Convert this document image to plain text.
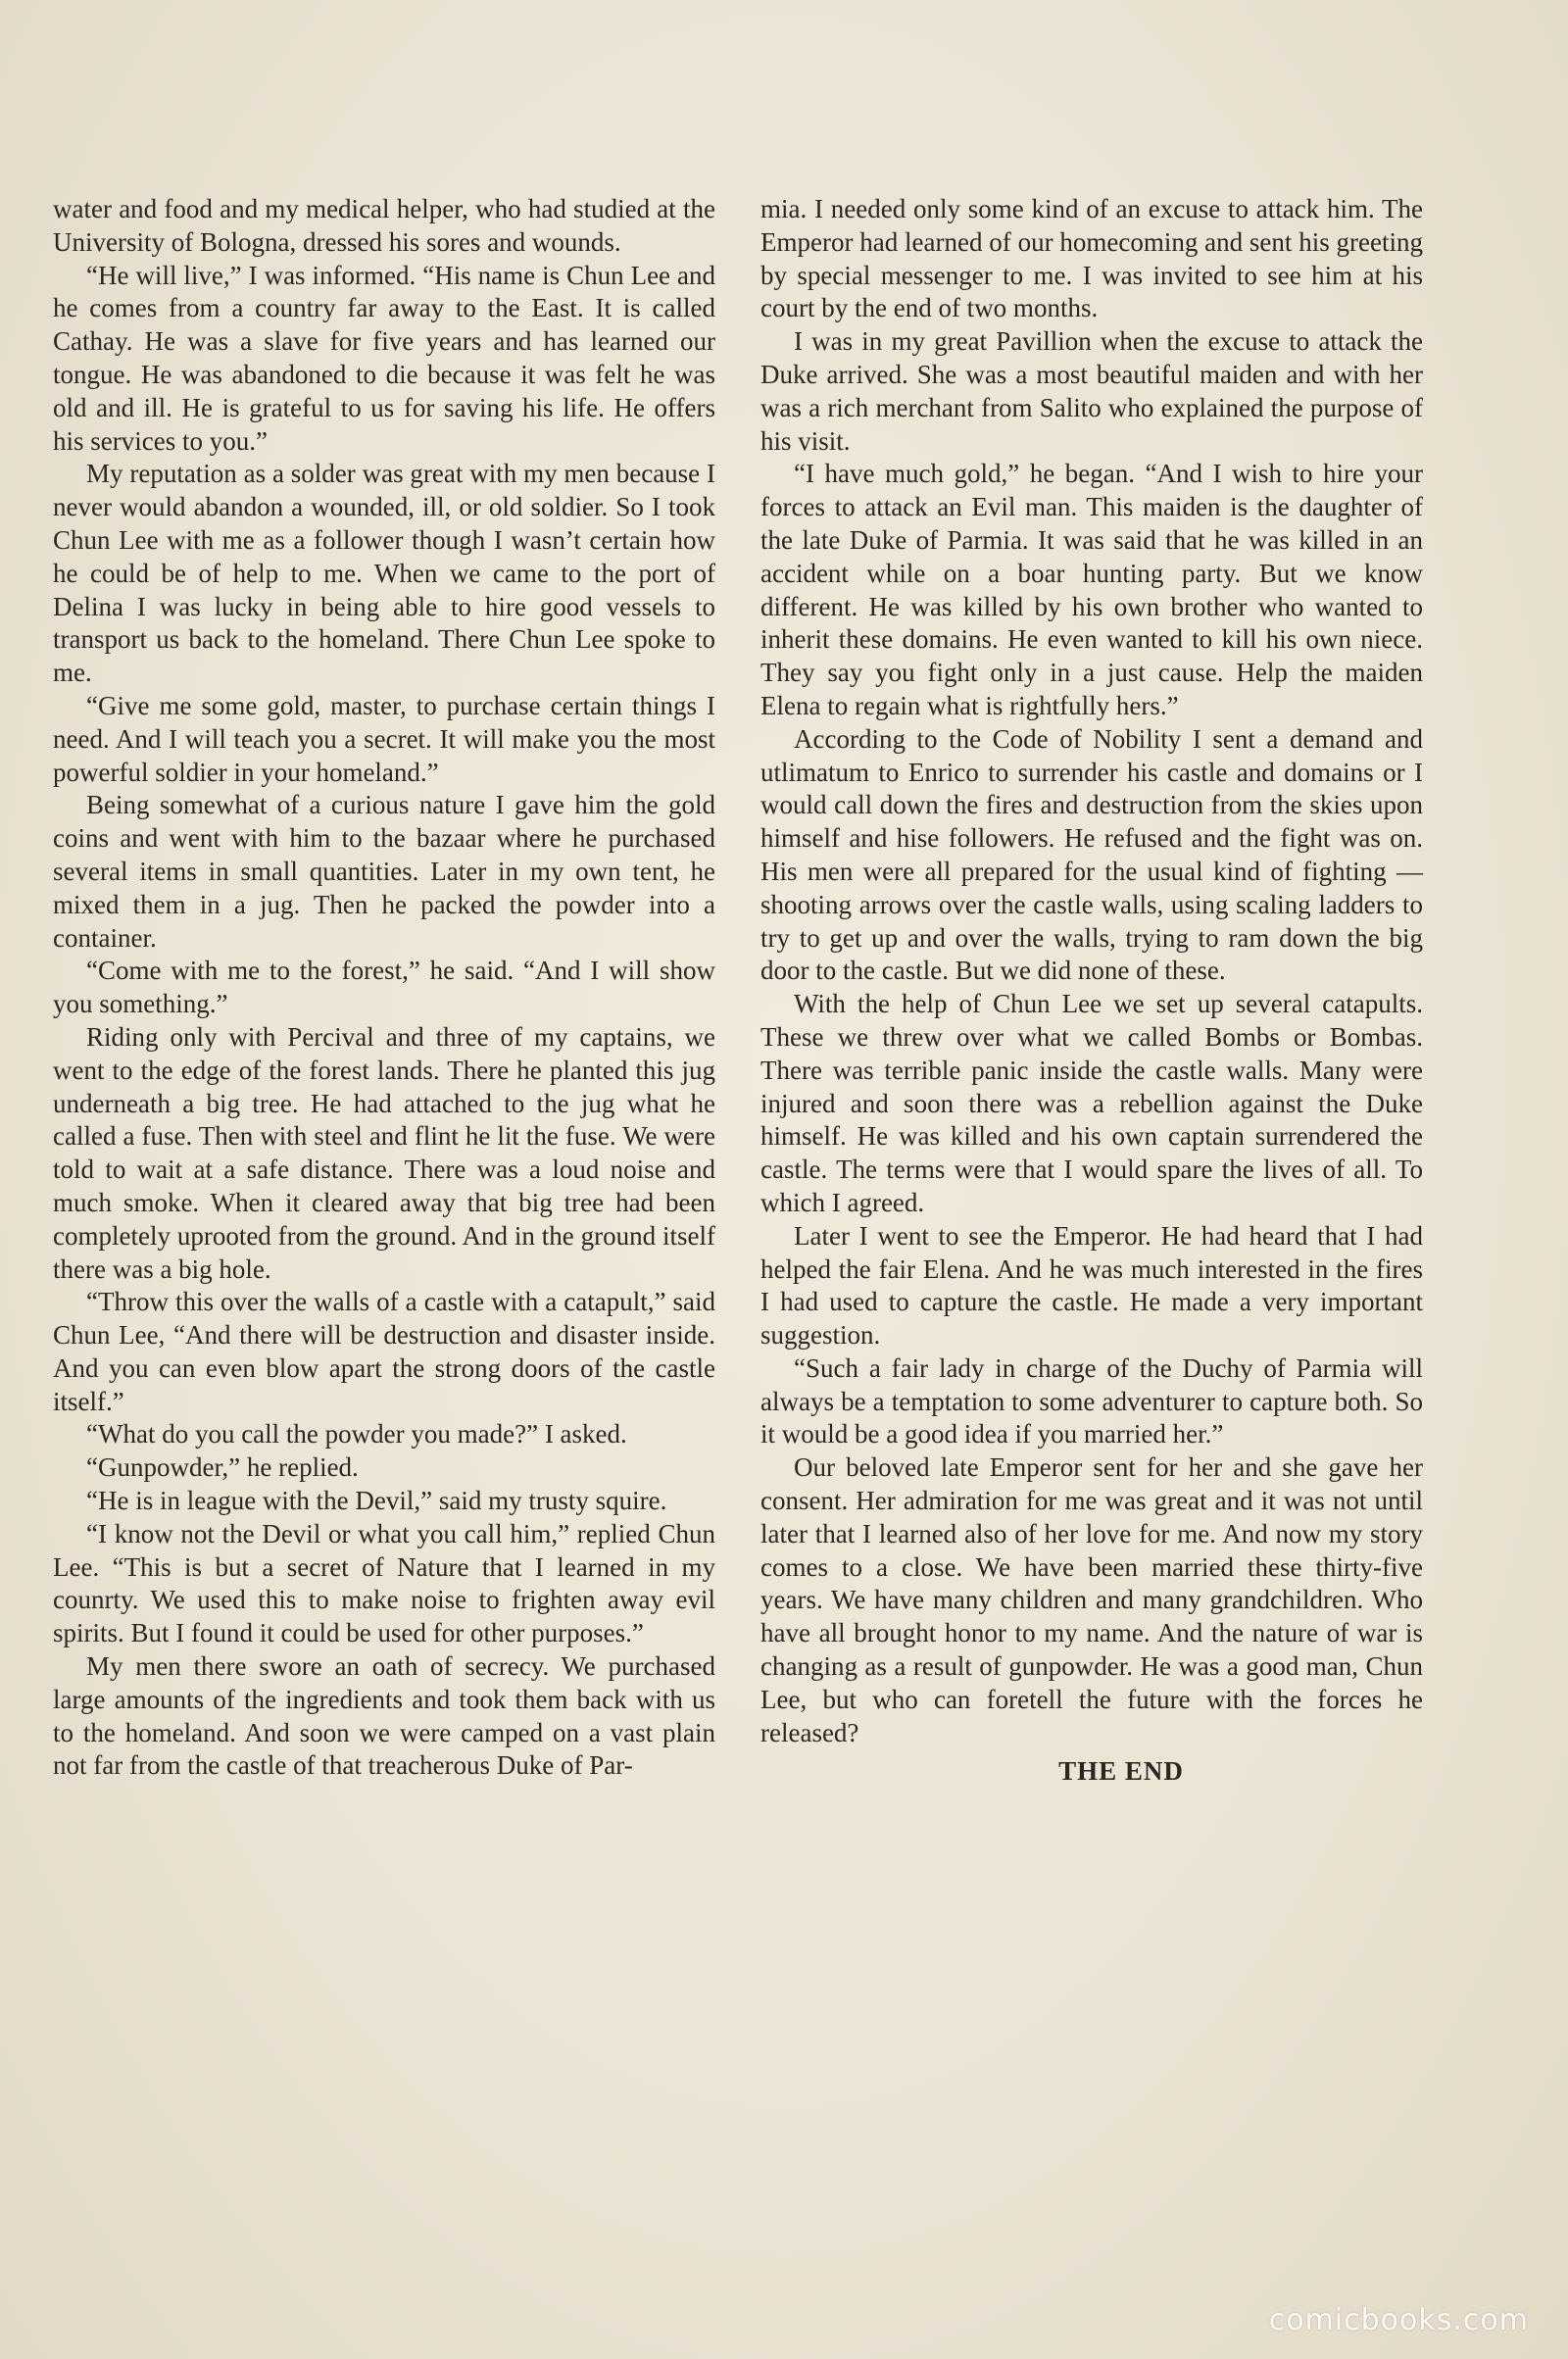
water and food and my medical helper, who had studied at the University of Bologna, dressed his sores and wounds.

“He will live,” I was informed. “His name is Chun Lee and he comes from a country far away to the East. It is called Cathay. He was a slave for five years and has learned our tongue. He was abandoned to die because it was felt he was old and ill. He is grateful to us for saving his life. He offers his services to you.”

My reputation as a solder was great with my men because I never would abandon a wounded, ill, or old soldier. So I took Chun Lee with me as a follower though I wasn’t certain how he could be of help to me. When we came to the port of Delina I was lucky in being able to hire good vessels to transport us back to the homeland. There Chun Lee spoke to me.

“Give me some gold, master, to purchase certain things I need. And I will teach you a secret. It will make you the most powerful soldier in your homeland.”

Being somewhat of a curious nature I gave him the gold coins and went with him to the bazaar where he purchased several items in small quantities. Later in my own tent, he mixed them in a jug. Then he packed the powder into a container.

“Come with me to the forest,” he said. “And I will show you something.”

Riding only with Percival and three of my captains, we went to the edge of the forest lands. There he planted this jug underneath a big tree. He had attached to the jug what he called a fuse. Then with steel and flint he lit the fuse. We were told to wait at a safe distance. There was a loud noise and much smoke. When it cleared away that big tree had been completely uprooted from the ground. And in the ground itself there was a big hole.

“Throw this over the walls of a castle with a catapult,” said Chun Lee, “And there will be destruction and disaster inside. And you can even blow apart the strong doors of the castle itself.”

“What do you call the powder you made?” I asked.

“Gunpowder,” he replied.

“He is in league with the Devil,” said my trusty squire.

“I know not the Devil or what you call him,” replied Chun Lee. “This is but a secret of Nature that I learned in my counrty. We used this to make noise to frighten away evil spirits. But I found it could be used for other purposes.”

My men there swore an oath of secrecy. We purchased large amounts of the ingredients and took them back with us to the homeland. And soon we were camped on a vast plain not far from the castle of that treacherous Duke of Par-

mia. I needed only some kind of an excuse to attack him. The Emperor had learned of our homecoming and sent his greeting by special messenger to me. I was invited to see him at his court by the end of two months.

I was in my great Pavillion when the excuse to attack the Duke arrived. She was a most beautiful maiden and with her was a rich merchant from Salito who explained the purpose of his visit.

“I have much gold,” he began. “And I wish to hire your forces to attack an Evil man. This maiden is the daughter of the late Duke of Parmia. It was said that he was killed in an accident while on a boar hunting party. But we know different. He was killed by his own brother who wanted to inherit these domains. He even wanted to kill his own niece. They say you fight only in a just cause. Help the maiden Elena to regain what is rightfully hers.”

According to the Code of Nobility I sent a demand and utlimatum to Enrico to surrender his castle and domains or I would call down the fires and destruction from the skies upon himself and hise followers. He refused and the fight was on. His men were all prepared for the usual kind of fighting — shooting arrows over the castle walls, using scaling ladders to try to get up and over the walls, trying to ram down the big door to the castle. But we did none of these.

With the help of Chun Lee we set up several catapults. These we threw over what we called Bombs or Bombas. There was terrible panic inside the castle walls. Many were injured and soon there was a rebellion against the Duke himself. He was killed and his own captain surrendered the castle. The terms were that I would spare the lives of all. To which I agreed.

Later I went to see the Emperor. He had heard that I had helped the fair Elena. And he was much interested in the fires I had used to capture the castle. He made a very important suggestion.

“Such a fair lady in charge of the Duchy of Parmia will always be a temptation to some adventurer to capture both. So it would be a good idea if you married her.”

Our beloved late Emperor sent for her and she gave her consent. Her admiration for me was great and it was not until later that I learned also of her love for me. And now my story comes to a close. We have been married these thirty-five years. We have many children and many grandchildren. Who have all brought honor to my name. And the nature of war is changing as a result of gunpowder. He was a good man, Chun Lee, but who can foretell the future with the forces he released?

THE END

comicbooks.com
